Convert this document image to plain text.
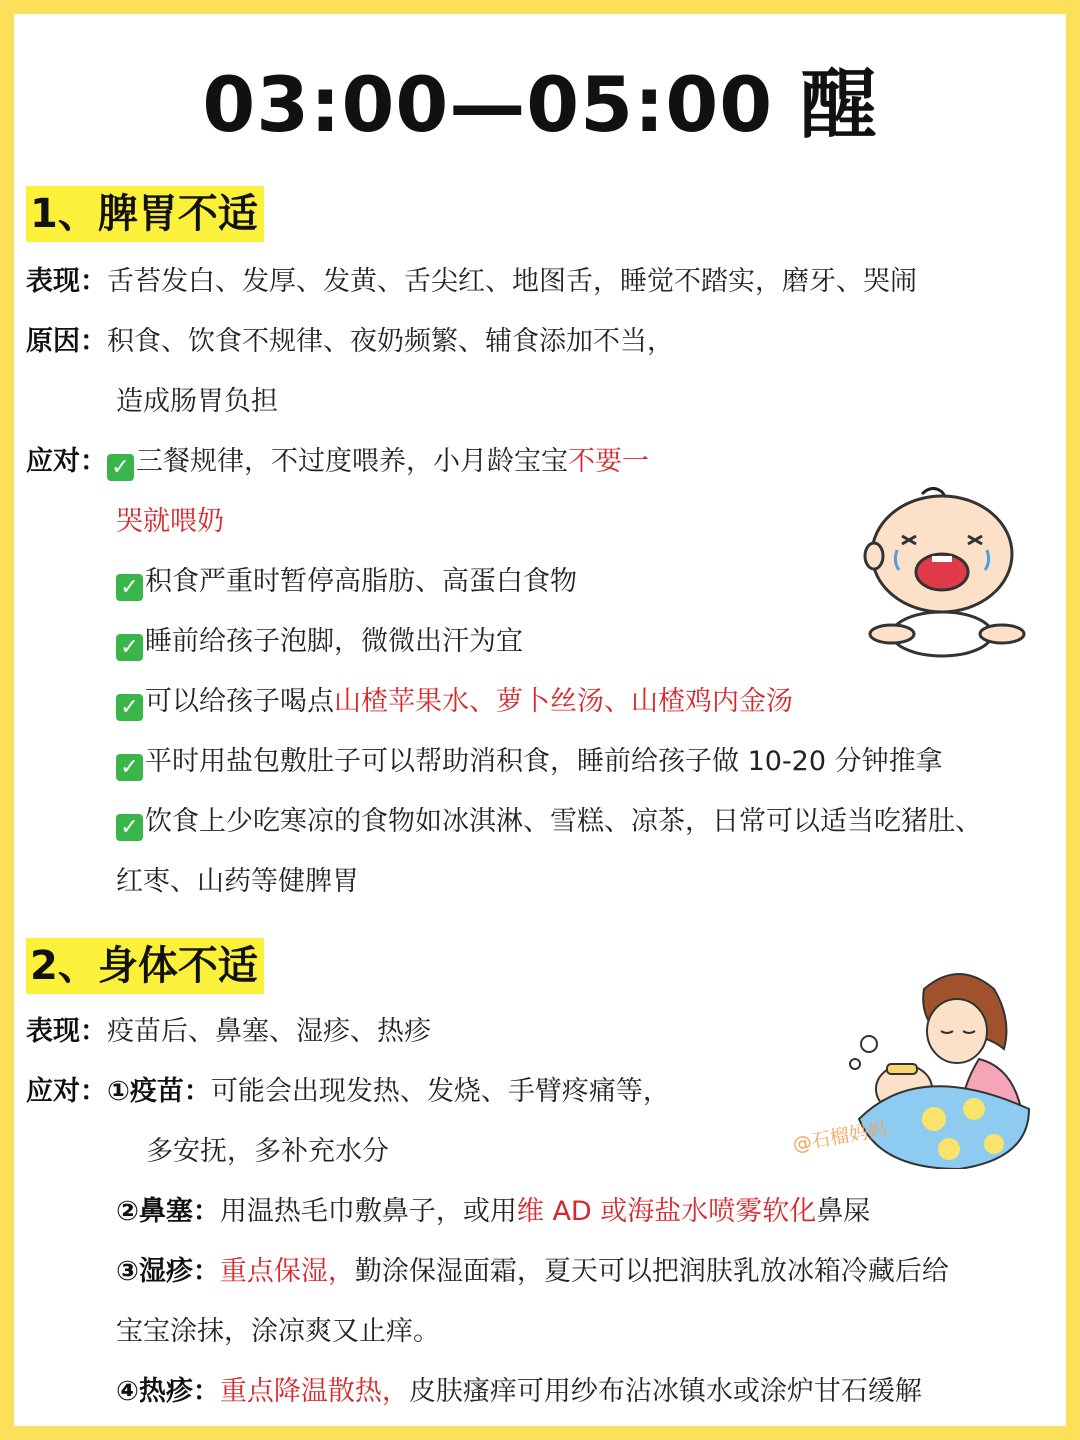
03:00—05:00 醒
1、脾胃不适
表现：舌苔发白、发厚、发黄、舌尖红、地图舌，睡觉不踏实，磨牙、哭闹
原因：积食、饮食不规律、夜奶频繁、辅食添加不当，
造成肠胃负担
应对： ✓ 三餐规律，不过度喂养，小月龄宝宝不要一
哭就喂奶
✓ 积食严重时暂停高脂肪、高蛋白食物
✓ 睡前给孩子泡脚，微微出汗为宜
✓ 可以给孩子喝点山楂苹果水、萝卜丝汤、山楂鸡内金汤
✓ 平时用盐包敷肚子可以帮助消积食，睡前给孩子做 10-20 分钟推拿
✓ 饮食上少吃寒凉的食物如冰淇淋、雪糕、凉茶，日常可以适当吃猪肚、
红枣、山药等健脾胃
2、身体不适
表现：疫苗后、鼻塞、湿疹、热疹
应对：①疫苗：可能会出现发热、发烧、手臂疼痛等，
多安抚，多补充水分
②鼻塞：用温热毛巾敷鼻子，或用维 AD 或海盐水喷雾软化鼻屎
③湿疹：重点保湿，勤涂保湿面霜，夏天可以把润肤乳放冰箱冷藏后给
宝宝涂抹，涂凉爽又止痒。
④热疹：重点降温散热，皮肤瘙痒可用纱布沾冰镇水或涂炉甘石缓解
@石榴妈妈
